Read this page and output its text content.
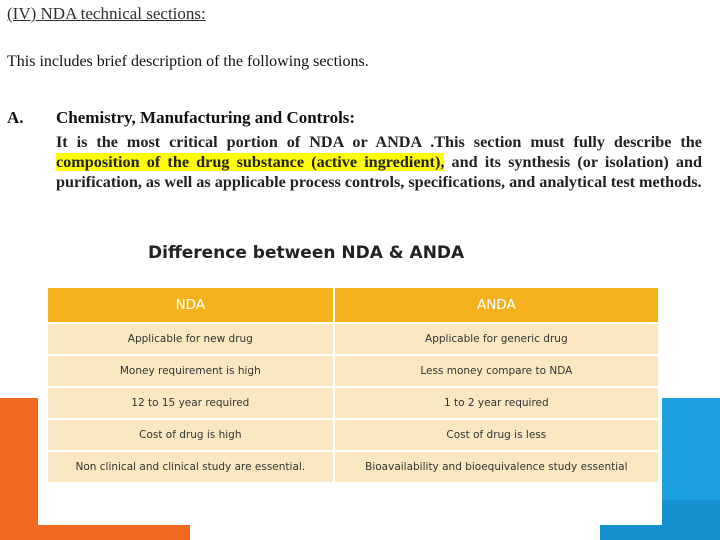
(IV) NDA technical sections:
This includes brief description of the following sections.
A. Chemistry, Manufacturing and Controls:
It is the most critical portion of NDA or ANDA .This section must fully describe the composition of the drug substance (active ingredient), and its synthesis (or isolation) and purification, as well as applicable process controls, specifications, and analytical test methods.
Difference between NDA & ANDA
NDA	ANDA
Applicable for new drug	Applicable for generic drug
Money requirement is high	Less money compare to NDA
12 to 15 year required	1 to 2 year required
Cost of drug is high	Cost of drug is less
Non clinical and clinical study are essential.	Bioavailability and bioequivalence study essential
